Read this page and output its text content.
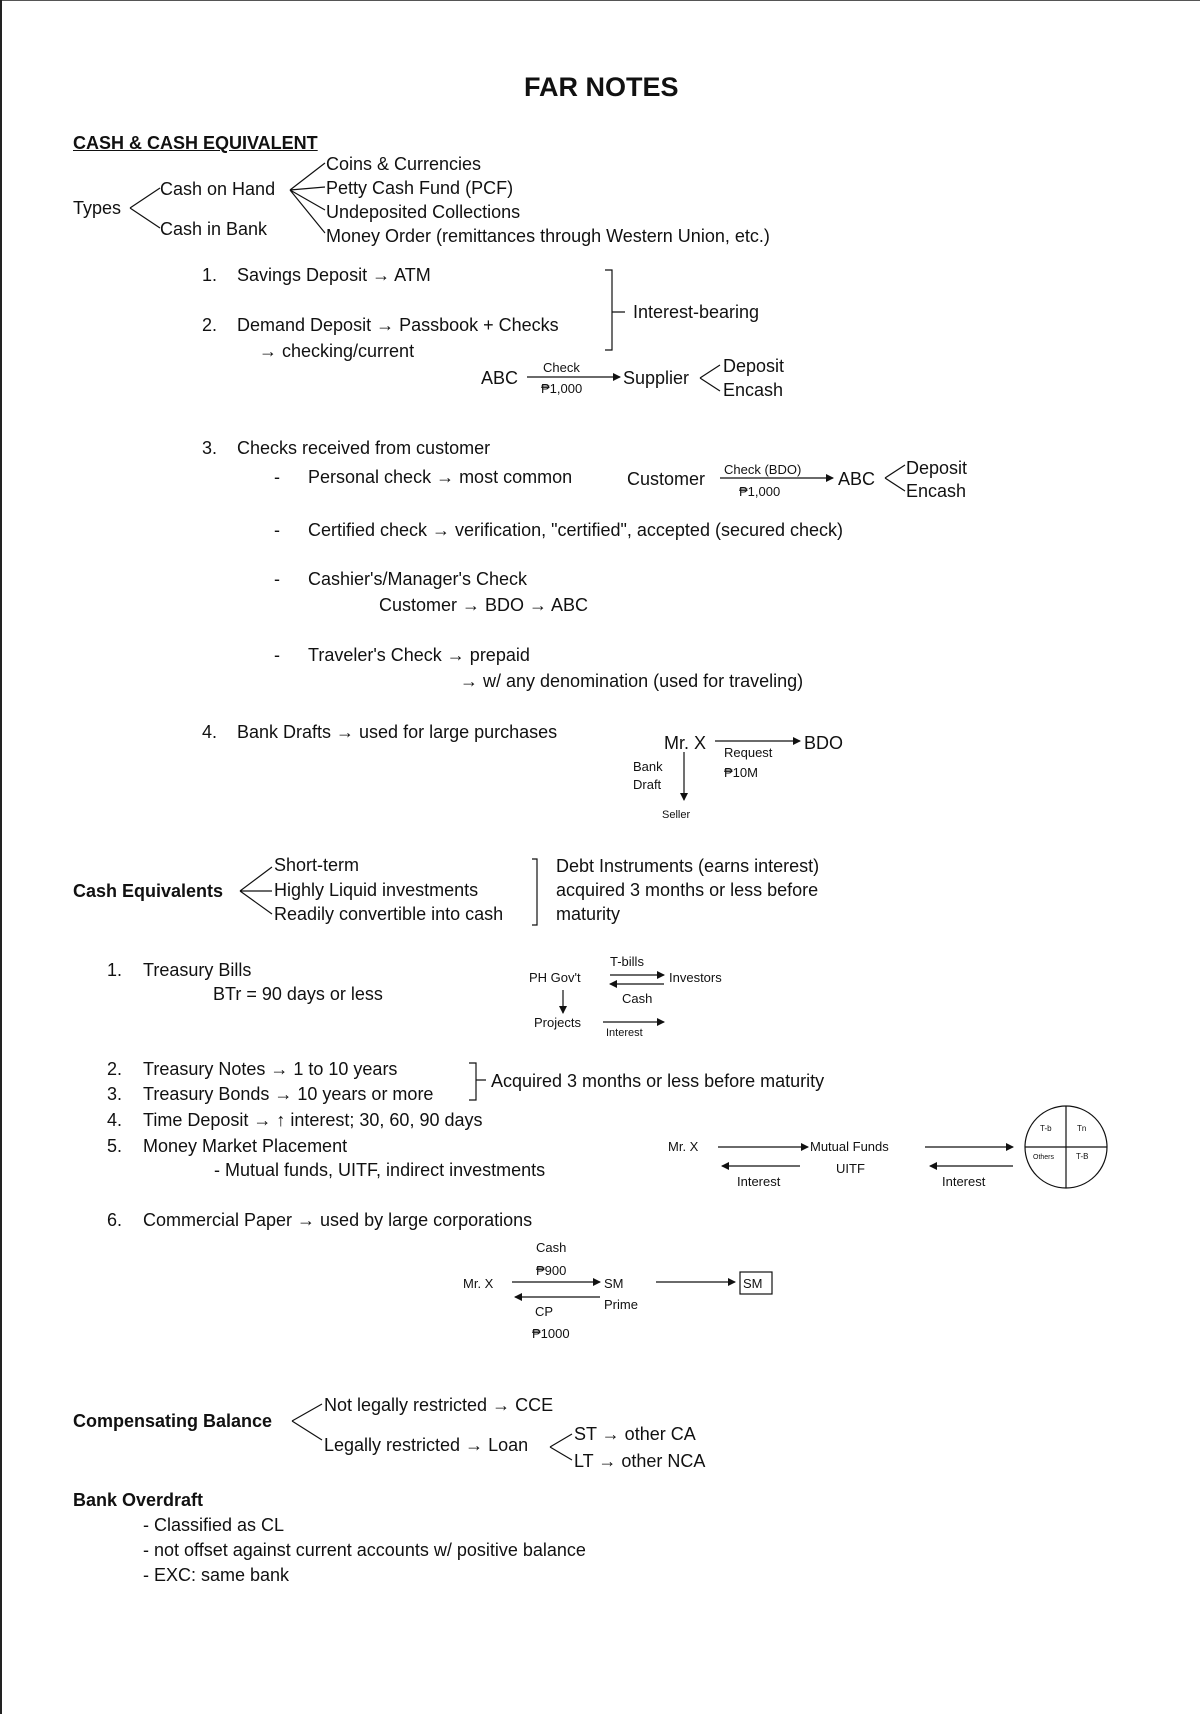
FAR NOTES
CASH & CASH EQUIVALENT
Types
Cash on Hand
Cash in Bank
Coins & Currencies
Petty Cash Fund (PCF)
Undeposited Collections
Money Order (remittances through Western Union, etc.)
1. Savings Deposit → ATM
2. Demand Deposit → Passbook + Checks
→ checking/current
Interest-bearing
ABC
Check
₱1,000
Supplier
Deposit
Encash
3. Checks received from customer
- Personal check → most common	Customer Check (BDO)
₱1,000
ABC
Deposit
Encash
- Certified check → verification, "certified", accepted (secured check)
- Cashier's/Manager's Check
Customer → BDO → ABC
- Traveler's Check → prepaid
→ w/ any denomination (used for traveling)
4. Bank Drafts → used for large purchases
Mr. X	BDO
Request
₱10M
Bank
Draft
Seller
Cash Equivalents
Short-term
Highly Liquid investments
Readily convertible into cash
Debt Instruments (earns interest)
acquired 3 months or less before
maturity
1. Treasury Bills
BTr = 90 days or less
T-bills
PH Gov't	Investors
Cash
Projects
Interest
2. Treasury Notes → 1 to 10 years
3. Treasury Bonds → 10 years or more
Acquired 3 months or less before maturity
4. Time Deposit → ↑ interest; 30, 60, 90 days
5. Money Market Placement
- Mutual funds, UITF, indirect investments
Mr. X	Mutual Funds
UITF
Interest	Interest
T-b	Tn
Others	T-B
6. Commercial Paper → used by large corporations
Cash
₱900
Mr. X	SM
Prime
CP
₱1000
SM
Compensating Balance
Not legally restricted → CCE
Legally restricted → Loan
ST → other CA
LT → other NCA
Bank Overdraft
- Classified as CL
- not offset against current accounts w/ positive balance
- EXC: same bank
